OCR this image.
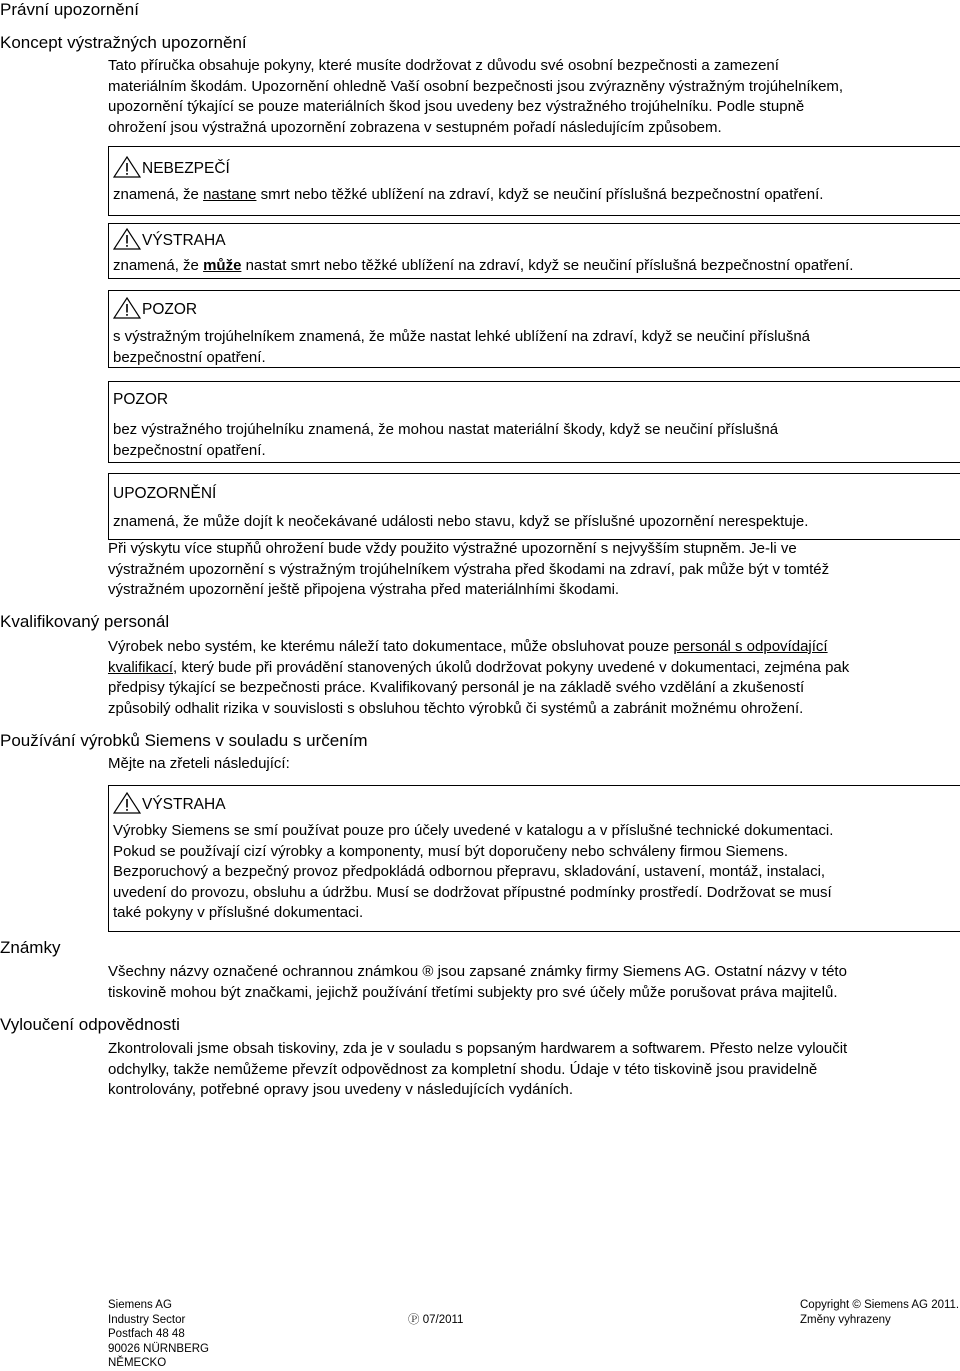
Právní upozornění
Koncept výstražných upozornění
Tato příručka obsahuje pokyny, které musíte dodržovat z důvodu své osobní bezpečnosti a zamezení
materiálním škodám. Upozornění ohledně Vaší osobní bezpečnosti jsou zvýrazněny výstražným trojúhelníkem,
upozornění týkající se pouze materiálních škod jsou uvedeny bez výstražného trojúhelníku. Podle stupně
ohrožení jsou výstražná upozornění zobrazena v sestupném pořadí následujícím způsobem.
NEBEZPEČÍ
znamená, že nastane smrt nebo těžké ublížení na zdraví, když se neučiní příslušná bezpečnostní opatření.
VÝSTRAHA
znamená, že může nastat smrt nebo těžké ublížení na zdraví, když se neučiní příslušná bezpečnostní opatření.
POZOR
s výstražným trojúhelníkem znamená, že může nastat lehké ublížení na zdraví, když se neučiní příslušná
bezpečnostní opatření.
POZOR
bez výstražného trojúhelníku znamená, že mohou nastat materiální škody, když se neučiní příslušná
bezpečnostní opatření.
UPOZORNĚNÍ
znamená, že může dojít k neočekávané události nebo stavu, když se příslušné upozornění nerespektuje.
Při výskytu více stupňů ohrožení bude vždy použito výstražné upozornění s nejvyšším stupněm. Je-li ve
výstražném upozornění s výstražným trojúhelníkem výstraha před škodami na zdraví, pak může být v tomtéž
výstražném upozornění ještě připojena výstraha před materiálnhími škodami.
Kvalifikovaný personál
Výrobek nebo systém, ke kterému náleží tato dokumentace, může obsluhovat pouze personál s odpovídající
kvalifikací, který bude při provádění stanovených úkolů dodržovat pokyny uvedené v dokumentaci, zejména pak
předpisy týkající se bezpečnosti práce. Kvalifikovaný personál je na základě svého vzdělání a zkušeností
způsobilý odhalit rizika v souvislosti s obsluhou těchto výrobků či systémů a zabránit možnému ohrožení.
Používání výrobků Siemens v souladu s určením
Mějte na zřeteli následující:
VÝSTRAHA
Výrobky Siemens se smí používat pouze pro účely uvedené v katalogu a v příslušné technické dokumentaci.
Pokud se používají cizí výrobky a komponenty, musí být doporučeny nebo schváleny firmou Siemens.
Bezporuchový a bezpečný provoz předpokládá odbornou přepravu, skladování, ustavení, montáž, instalaci,
uvedení do provozu, obsluhu a údržbu. Musí se dodržovat přípustné podmínky prostředí. Dodržovat se musí
také pokyny v příslušné dokumentaci.
Známky
Všechny názvy označené ochrannou známkou ® jsou zapsané známky firmy Siemens AG. Ostatní názvy v této
tiskovině mohou být značkami, jejichž používání třetími subjekty pro své účely může porušovat práva majitelů.
Vyloučení odpovědnosti
Zkontrolovali jsme obsah tiskoviny, zda je v souladu s popsaným hardwarem a softwarem. Přesto nelze vyloučit
odchylky, takže nemůžeme převzít odpovědnost za kompletní shodu. Údaje v této tiskovině jsou pravidelně
kontrolovány, potřebné opravy jsou uvedeny v následujících vydáních.
Siemens AG
Industry Sector
Postfach 48 48
90026 NÜRNBERG
NĚMECKO
Ⓟ 07/2011
Copyright © Siemens AG 2011.
Změny vyhrazeny
